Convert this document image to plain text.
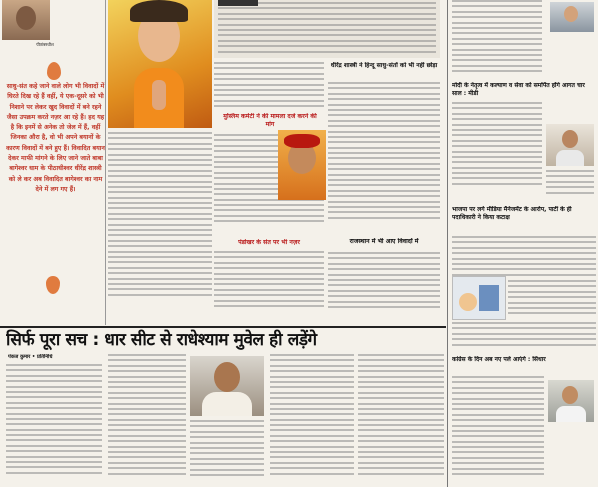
पीतांबरधीश
साधु-संत कहे जाने वाले लोग भी विवादों में घिरते दिख रहे हैं वहीं, ये एक-दूसरे को भी निशाने पर लेकर खुद विवादों में बने रहने जैसा उपक्रम करते नज़र आ रहे हैं। हद यह है कि इनमें से अनेक तो जेल में हैं, वहीं जिनका औरा है, वो भी अपने बयानों के कारण विवादों में बने हुए हैं। विवादित बयान देकर माफी मांगने के लिए जाने जाते बाबा बागेश्वर धाम के पीठाधीश्वर धीरेंद्र शास्त्री को ले कर अब विवादित बागेश्वर का नाम देने में लग गए हैं।
मुस्लिम कमेटी ने की मामला दर्ज करने की मांग
धीरेंद्र शास्त्री ने हिन्दू साधु-संतों को भी नहीं छोड़ा
पंडोखर के संत पर भी नज़र	राजस्थान में भी आए विवादों में
मोदी के नेतृत्व में कल्याण व सेवा को समर्पित होंगे आगत चार साल : मीडी
भाजपा पर लगे मीडिया मैनेजमेंट के आरोप, पार्टी के ही पदाधिकारी ने किया कटाक्ष
कांग्रेस के दिन अब नए पले आएंगे : सिंधार
सिर्फ पूरा सच : धार सीट से राधेश्याम मुवेल ही लड़ेंगे
पंकज कुमार • प्रतिनिधि
